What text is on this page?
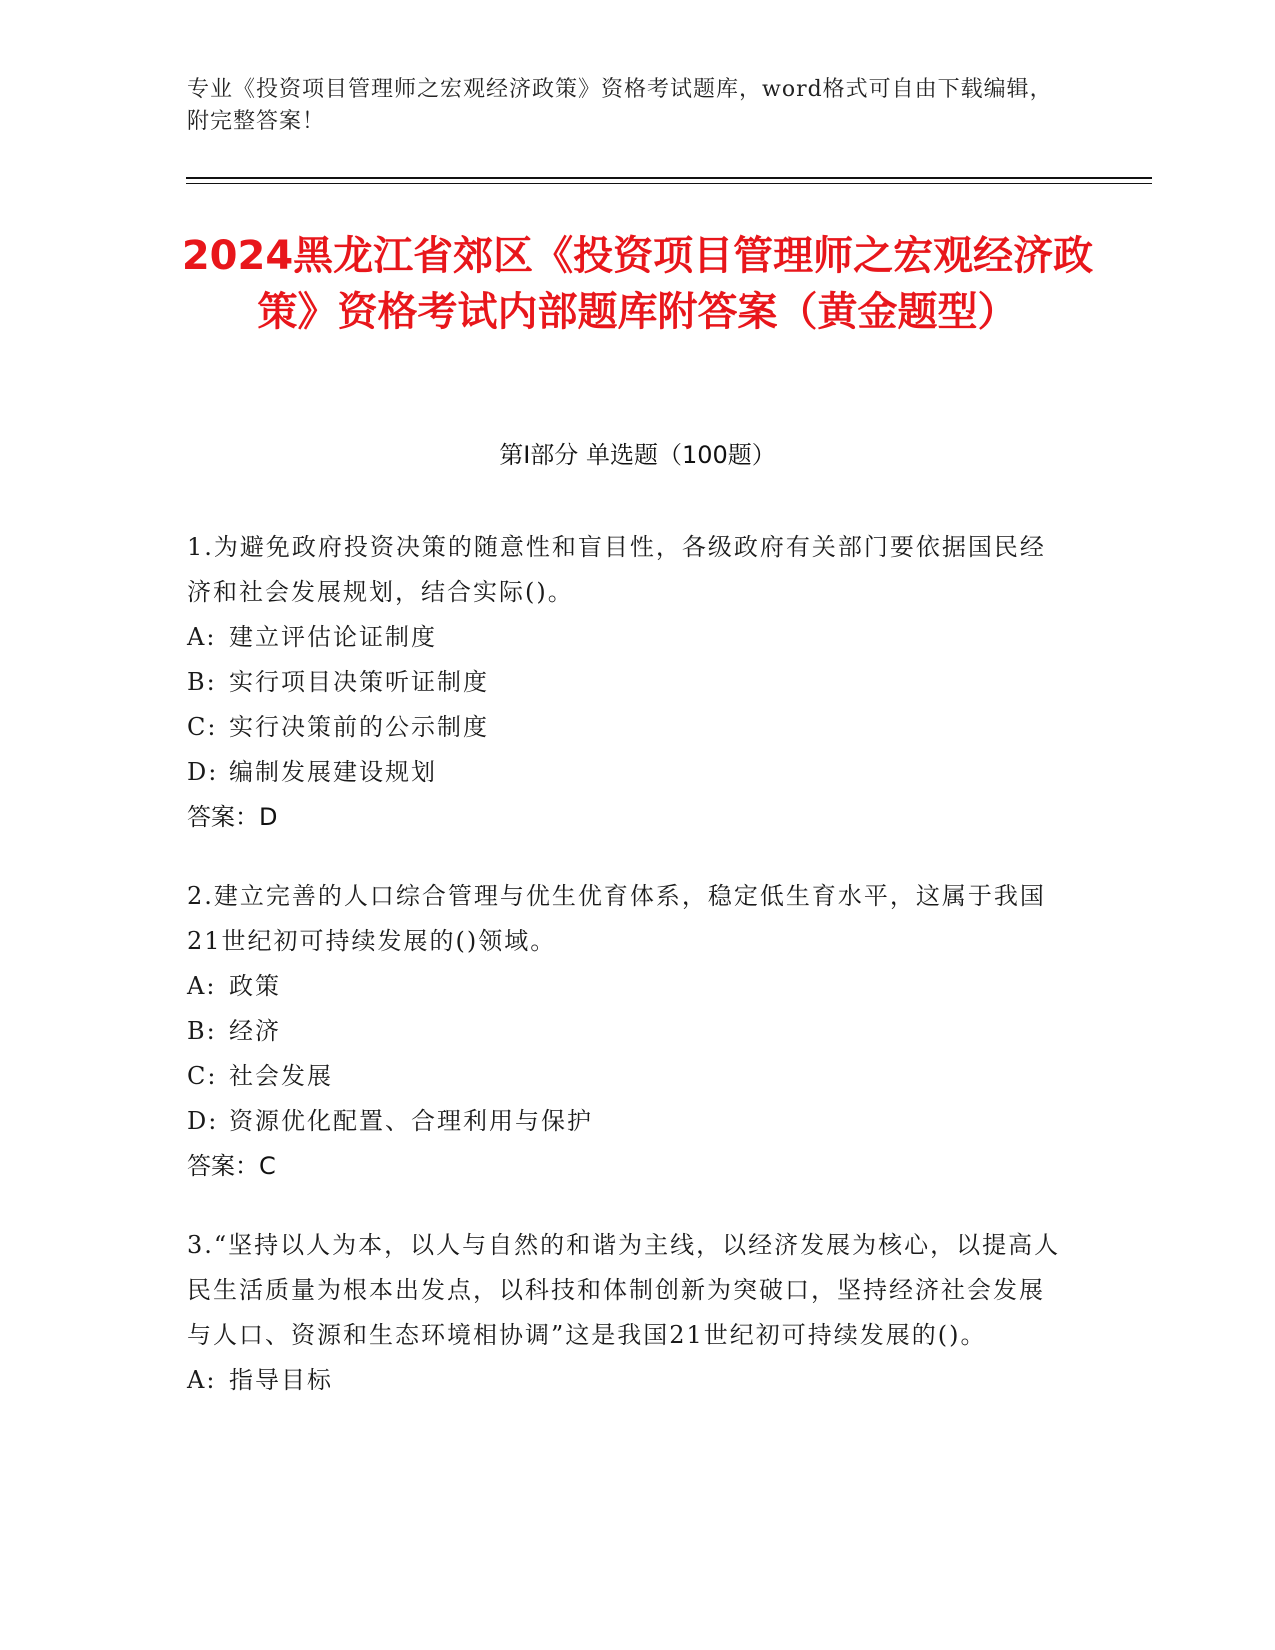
专业《投资项目管理师之宏观经济政策》资格考试题库，word格式可自由下载编辑，附完整答案！
2024黑龙江省郊区《投资项目管理师之宏观经济政策》资格考试内部题库附答案（黄金题型）
第Ⅰ部分 单选题（100题）
1.为避免政府投资决策的随意性和盲目性，各级政府有关部门要依据国民经济和社会发展规划，结合实际()。
A: 建立评估论证制度
B: 实行项目决策听证制度
C: 实行决策前的公示制度
D: 编制发展建设规划
答案：D
2.建立完善的人口综合管理与优生优育体系，稳定低生育水平，这属于我国21世纪初可持续发展的()领域。
A: 政策
B: 经济
C: 社会发展
D: 资源优化配置、合理利用与保护
答案：C
3.“坚持以人为本，以人与自然的和谐为主线，以经济发展为核心，以提高人民生活质量为根本出发点，以科技和体制创新为突破口，坚持经济社会发展与人口、资源和生态环境相协调”这是我国21世纪初可持续发展的()。
A: 指导目标
